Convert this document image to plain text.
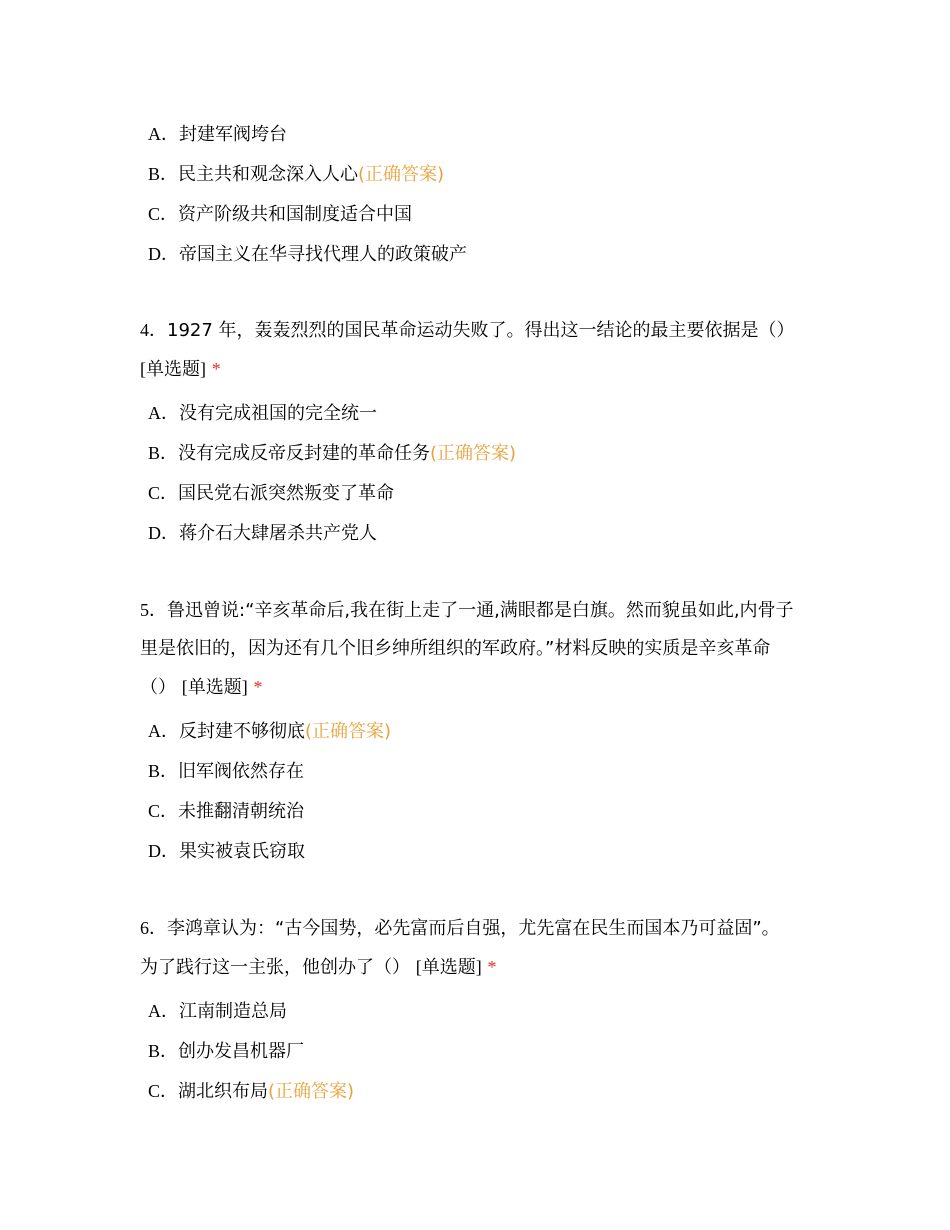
A．封建军阀垮台
B．民主共和观念深入人心(正确答案)
C．资产阶级共和国制度适合中国
D．帝国主义在华寻找代理人的政策破产
4．1927 年，轰轰烈烈的国民革命运动失败了。得出这一结论的最主要依据是（）
[单选题] *
A．没有完成祖国的完全统一
B．没有完成反帝反封建的革命任务(正确答案)
C．国民党右派突然叛变了革命
D．蒋介石大肆屠杀共产党人
5．鲁迅曾说:“辛亥革命后,我在街上走了一通,满眼都是白旗。然而貌虽如此,内骨子
里是依旧的，因为还有几个旧乡绅所组织的军政府。”材料反映的实质是辛亥革命
（） [单选题] *
A．反封建不够彻底(正确答案)
B．旧军阀依然存在
C．未推翻清朝统治
D．果实被袁氏窃取
6．李鸿章认为：“古今国势，必先富而后自强，尤先富在民生而国本乃可益固”。
为了践行这一主张，他创办了（） [单选题] *
A．江南制造总局
B．创办发昌机器厂
C．湖北织布局(正确答案)
